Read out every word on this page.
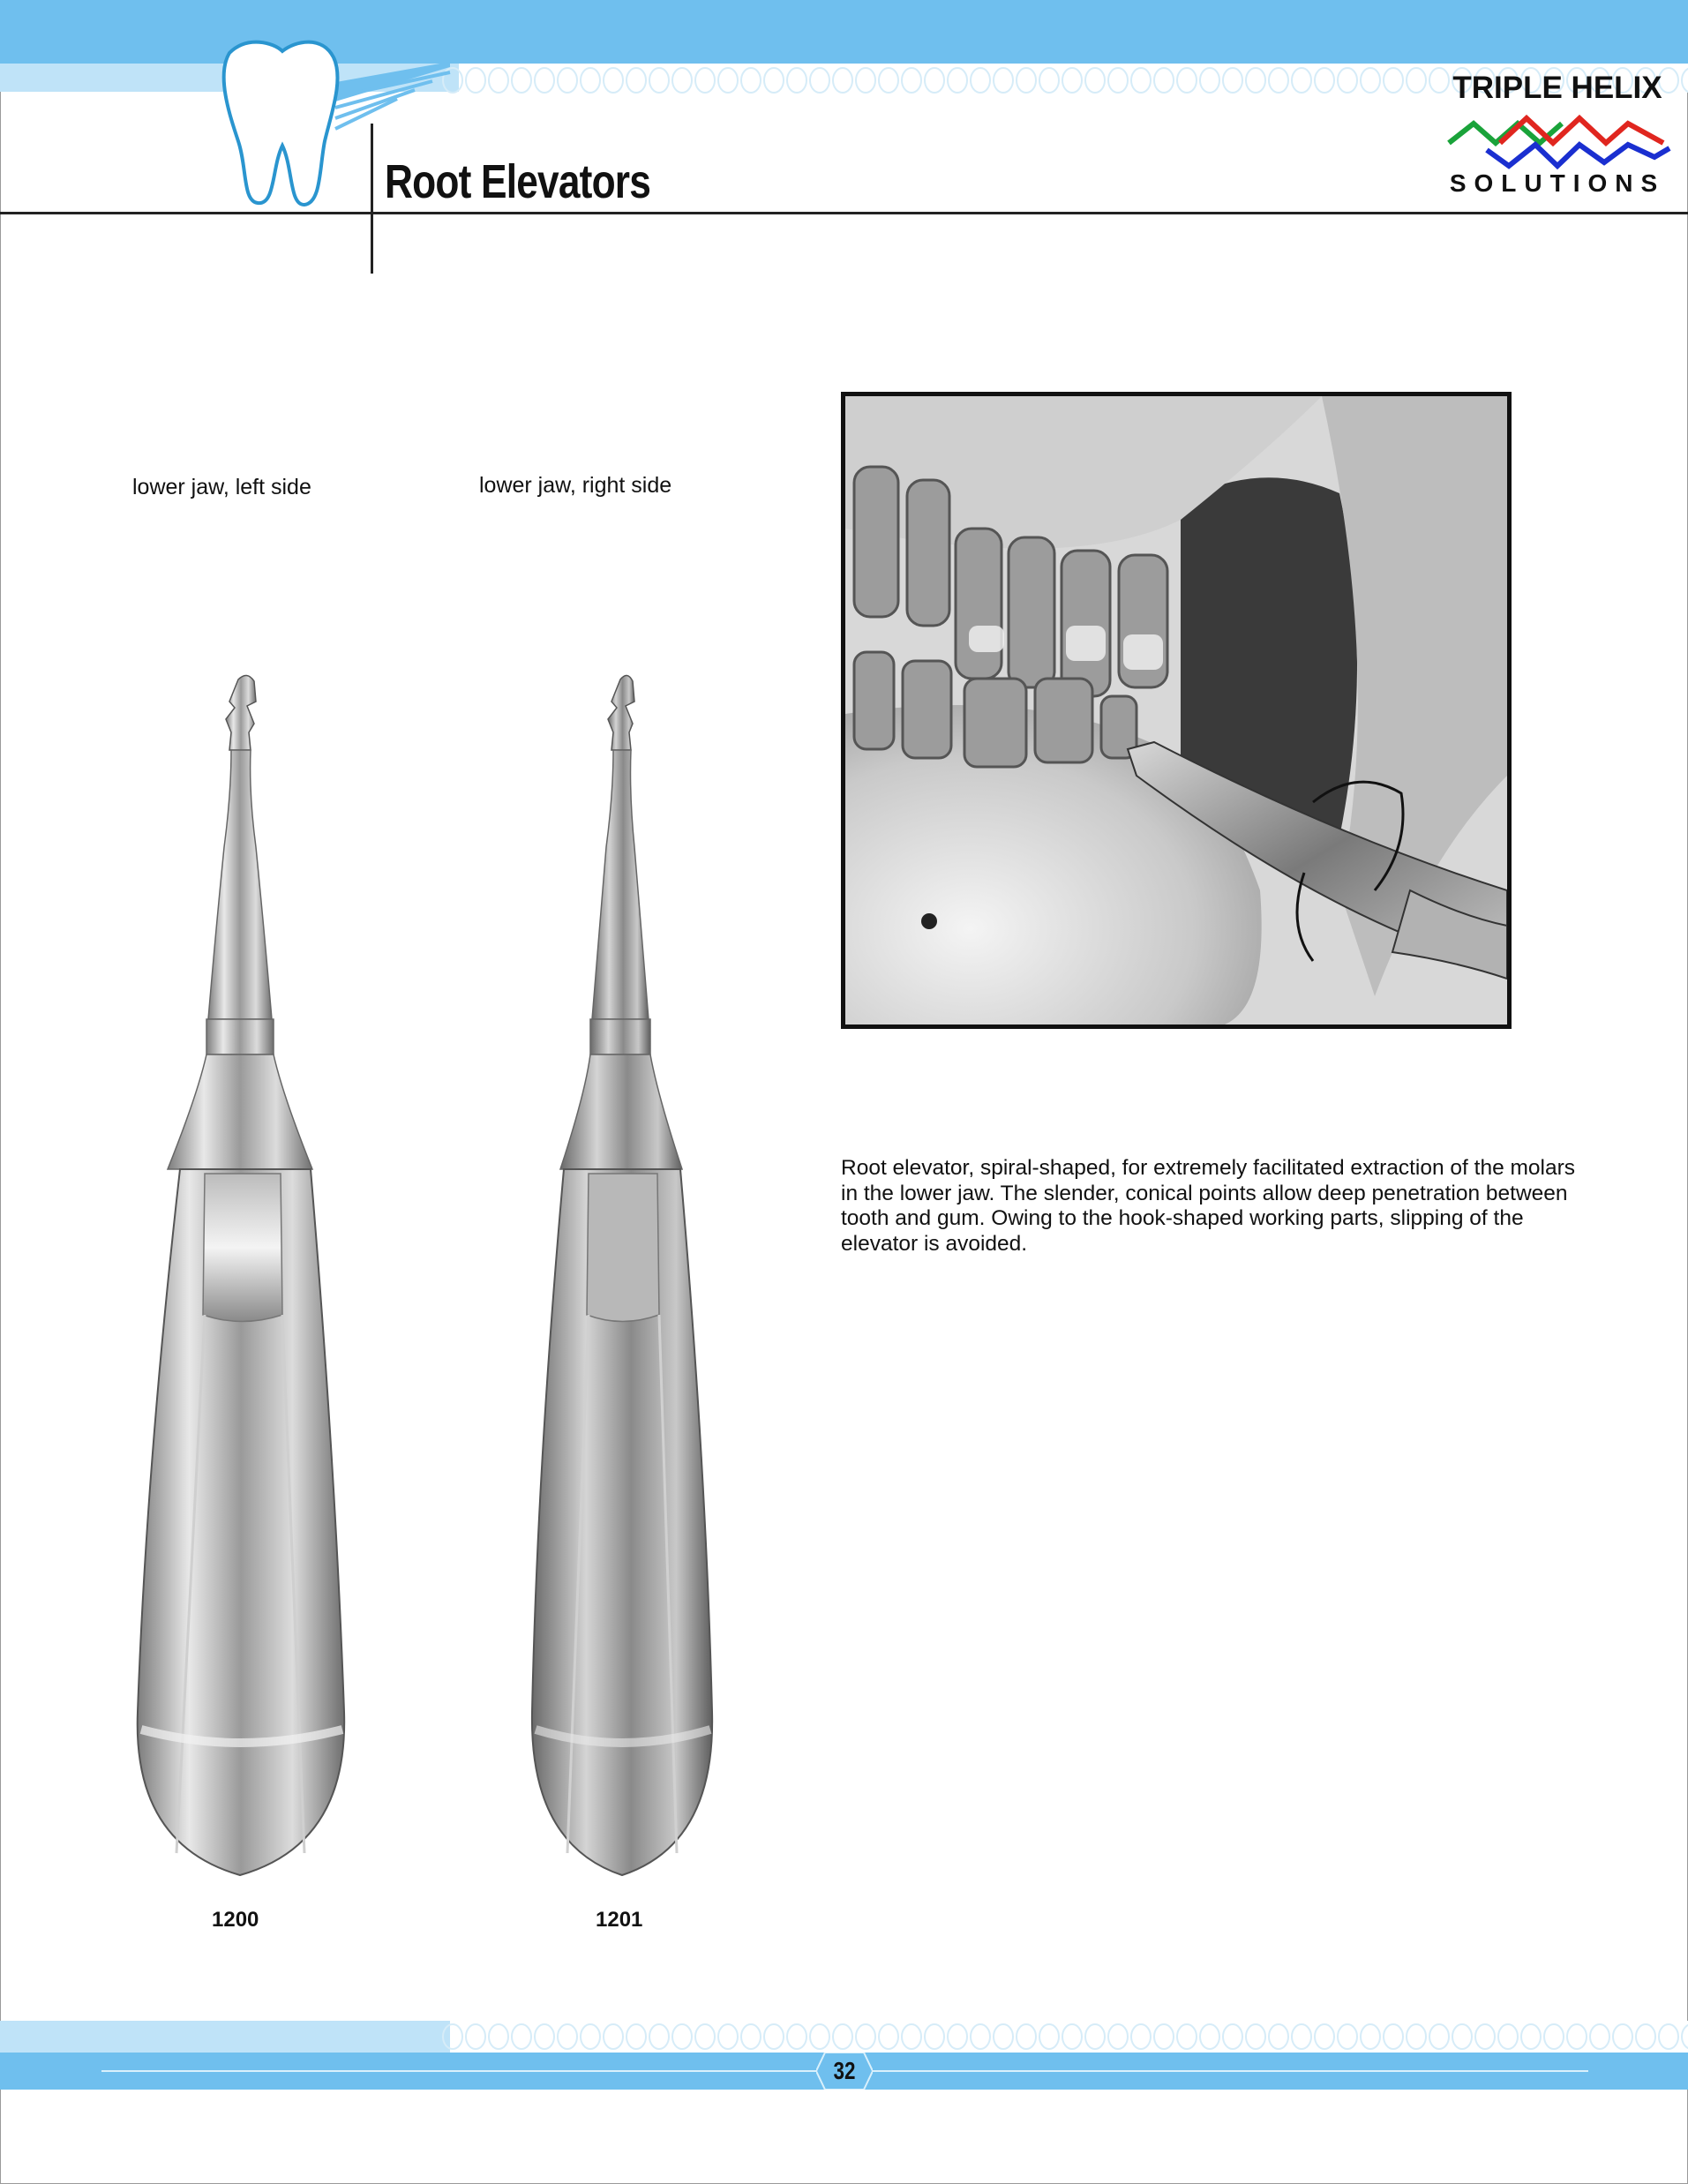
Root Elevators
TRIPLE HELIX
SOLUTIONS
lower jaw, left side	lower jaw, right side
1200	1201

Root elevator, spiral-shaped, for extremely facilitated extraction of the molars in the lower jaw. The slender, conical points allow deep penetration between tooth and gum. Owing to the hook-shaped working parts, slipping of the elevator is avoided.

32
